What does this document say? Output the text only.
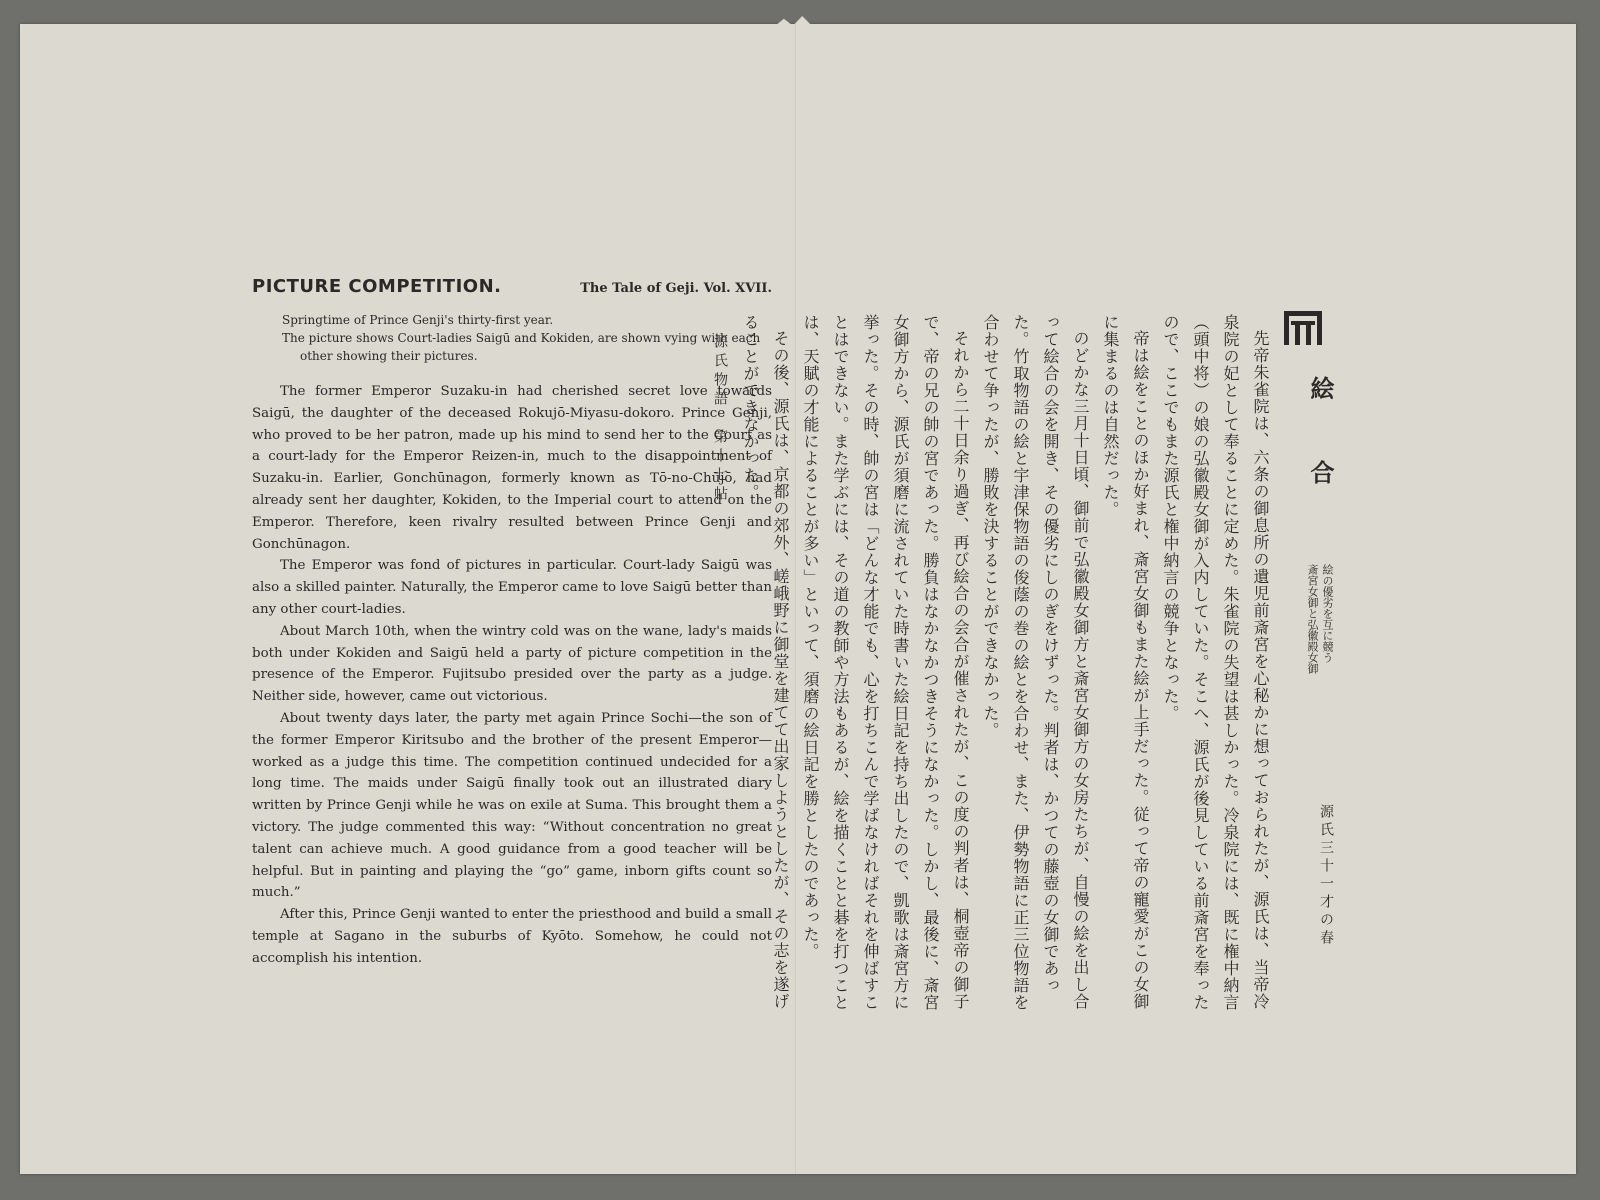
PICTURE COMPETITION.	The Tale of Geji. Vol. XVII.
Springtime of Prince Genji's thirty-first year.
The picture shows Court-ladies Saigū and Kokiden, are shown vying with each other showing their pictures.

The former Emperor Suzaku-in had cherished secret love towards Saigū, the daughter of the deceased Rokujō-Miyasu-dokoro. Prince Genji, who proved to be her patron, made up his mind to send her to the Court as a court-lady for the Emperor Reizen-in, much to the disappointment of Suzaku-in. Earlier, Gonchūnagon, formerly known as Tō-no-Chūjō, had already sent her daughter, Kokiden, to the Imperial court to attend on the Emperor. Therefore, keen rivalry resulted between Prince Genji and Gonchūnagon.

The Emperor was fond of pictures in particular. Court-lady Saigū was also a skilled painter. Naturally, the Emperor came to love Saigū better than any other court-ladies.

About March 10th, when the wintry cold was on the wane, lady's maids both under Kokiden and Saigū held a party of picture competition in the presence of the Emperor. Fujitsubo presided over the party as a judge. Neither side, however, came out victorious.

About twenty days later, the party met again Prince Sochi—the son of the former Emperor Kiritsubo and the brother of the present Emperor—worked as a judge this time. The competition continued undecided for a long time. The maids under Saigū finally took out an illustrated diary written by Prince Genji while he was on exile at Suma. This brought them a victory. The judge commented this way: “Without concentration no great talent can achieve much. A good guidance from a good teacher will be helpful. But in painting and playing the “go” game, inborn gifts count so much.”

After this, Prince Genji wanted to enter the priesthood and build a small temple at Sagano in the suburbs of Kyōto. Somehow, he could not accomplish his intention.	先帝朱雀院は、六条の御息所の遺児前斎宮を心秘かに想っておられたが、源氏は、当帝冷泉院の妃として奉ることに定めた。朱雀院の失望は甚しかった。冷泉院には、既に権中納言（頭中将）の娘の弘徽殿女御が入内していた。そこへ、源氏が後見している前斎宮を奉ったので、ここでもまた源氏と権中納言の競争となった。

帝は絵をことのほか好まれ、斎宮女御もまた絵が上手だった。従って帝の寵愛がこの女御に集まるのは自然だった。

のどかな三月十日頃、御前で弘徽殿女御方と斎宮女御方の女房たちが、自慢の絵を出し合って絵合の会を開き、その優劣にしのぎをけずった。判者は、かつての藤壺の女御であった。竹取物語の絵と宇津保物語の俊蔭の巻の絵とを合わせ、また、伊勢物語に正三位物語を合わせて争ったが、勝敗を決することができなかった。

それから二十日余り過ぎ、再び絵合の会合が催されたが、この度の判者は、桐壺帝の御子で、帝の兄の帥の宮であった。勝負はなかなかつきそうになかった。しかし、最後に、斎宮女御方から、源氏が須磨に流されていた時書いた絵日記を持ち出したので、凱歌は斎宮方に挙った。その時、帥の宮は「どんな才能でも、心を打ちこんで学ばなければそれを伸ばすことはできない。また学ぶには、その道の教師や方法もあるが、絵を描くことと碁を打つことは、天賦の才能によることが多い」といって、須磨の絵日記を勝としたのであった。

その後、源氏は、京都の郊外、嵯峨野に御堂を建てて出家しようとしたが、その志を遂げることができなかった。

源氏物語　第十七帖	絵合
絵の優劣を互に競う
斎宮女御と弘徽殿女御
源氏三十一才の春
